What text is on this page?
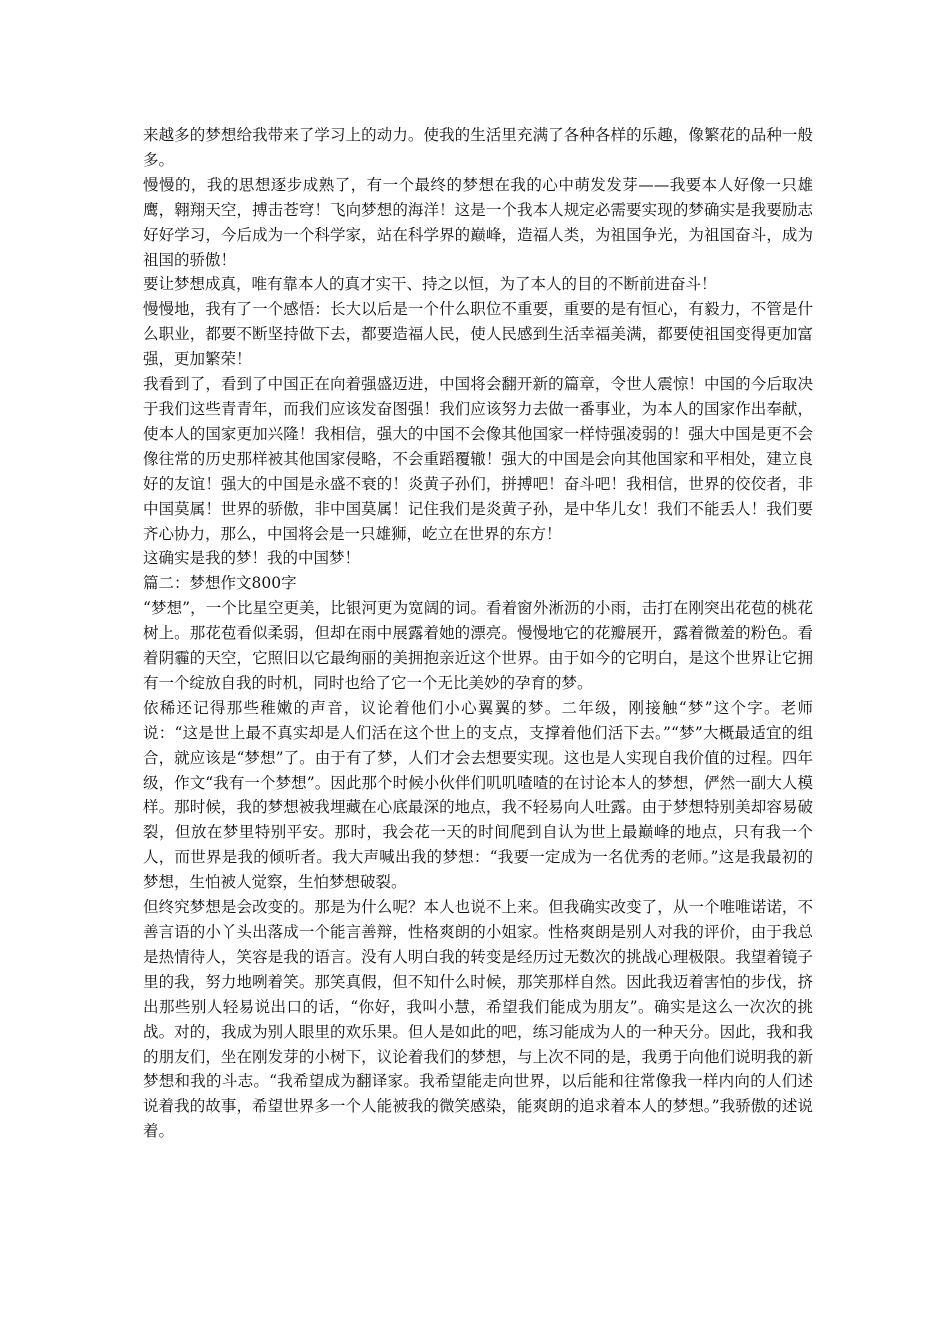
来越多的梦想给我带来了学习上的动力。使我的生活里充满了各种各样的乐趣，像繁花的品种一般多。

慢慢的，我的思想逐步成熟了，有一个最终的梦想在我的心中萌发发芽——我要本人好像一只雄鹰，翱翔天空，搏击苍穹！飞向梦想的海洋！这是一个我本人规定必需要实现的梦确实是我要励志好好学习，今后成为一个科学家，站在科学界的巅峰，造福人类，为祖国争光，为祖国奋斗，成为祖国的骄傲！

要让梦想成真，唯有靠本人的真才实干、持之以恒，为了本人的目的不断前进奋斗！

慢慢地，我有了一个感悟：长大以后是一个什么职位不重要，重要的是有恒心，有毅力，不管是什么职业，都要不断坚持做下去，都要造福人民，使人民感到生活幸福美满，都要使祖国变得更加富强，更加繁荣！

我看到了，看到了中国正在向着强盛迈进，中国将会翻开新的篇章，令世人震惊！中国的今后取决于我们这些青青年，而我们应该发奋图强！我们应该努力去做一番事业，为本人的国家作出奉献，使本人的国家更加兴隆！我相信，强大的中国不会像其他国家一样恃强凌弱的！强大中国是更不会像往常的历史那样被其他国家侵略，不会重蹈覆辙！强大的中国是会向其他国家和平相处，建立良好的友谊！强大的中国是永盛不衰的！炎黄子孙们，拼搏吧！奋斗吧！我相信，世界的佼佼者，非中国莫属！世界的骄傲，非中国莫属！记住我们是炎黄子孙，是中华儿女！我们不能丢人！我们要齐心协力，那么，中国将会是一只雄狮，屹立在世界的东方！

这确实是我的梦！我的中国梦！

篇二：梦想作文800字

“梦想”，一个比星空更美，比银河更为宽阔的词。看着窗外淅沥的小雨，击打在刚突出花苞的桃花树上。那花苞看似柔弱，但却在雨中展露着她的漂亮。慢慢地它的花瓣展开，露着微羞的粉色。看着阴霾的天空，它照旧以它最绚丽的美拥抱亲近这个世界。由于如今的它明白，是这个世界让它拥有一个绽放自我的时机，同时也给了它一个无比美妙的孕育的梦。

依稀还记得那些稚嫩的声音，议论着他们小心翼翼的梦。二年级，刚接触“梦”这个字。老师说：“这是世上最不真实却是人们活在这个世上的支点，支撑着他们活下去。”“梦”大概最适宜的组合，就应该是“梦想”了。由于有了梦，人们才会去想要实现。这也是人实现自我价值的过程。四年级，作文“我有一个梦想”。因此那个时候小伙伴们叽叽喳喳的在讨论本人的梦想，俨然一副大人模样。那时候，我的梦想被我埋藏在心底最深的地点，我不轻易向人吐露。由于梦想特别美却容易破裂，但放在梦里特别平安。那时，我会花一天的时间爬到自认为世上最巅峰的地点，只有我一个人，而世界是我的倾听者。我大声喊出我的梦想：“我要一定成为一名优秀的老师。”这是我最初的梦想，生怕被人觉察，生怕梦想破裂。

但终究梦想是会改变的。那是为什么呢？本人也说不上来。但我确实改变了，从一个唯唯诺诺，不善言语的小丫头出落成一个能言善辩，性格爽朗的小姐家。性格爽朗是别人对我的评价，由于我总是热情待人，笑容是我的语言。没有人明白我的转变是经历过无数次的挑战心理极限。我望着镜子里的我，努力地咧着笑。那笑真假，但不知什么时候，那笑那样自然。因此我迈着害怕的步伐，挤出那些别人轻易说出口的话，“你好，我叫小慧，希望我们能成为朋友”。确实是这么一次次的挑战。对的，我成为别人眼里的欢乐果。但人是如此的吧，练习能成为人的一种天分。因此，我和我的朋友们，坐在刚发芽的小树下，议论着我们的梦想，与上次不同的是，我勇于向他们说明我的新梦想和我的斗志。“我希望成为翻译家。我希望能走向世界，以后能和往常像我一样内向的人们述说着我的故事，希望世界多一个人能被我的微笑感染，能爽朗的追求着本人的梦想。”我骄傲的述说着。
